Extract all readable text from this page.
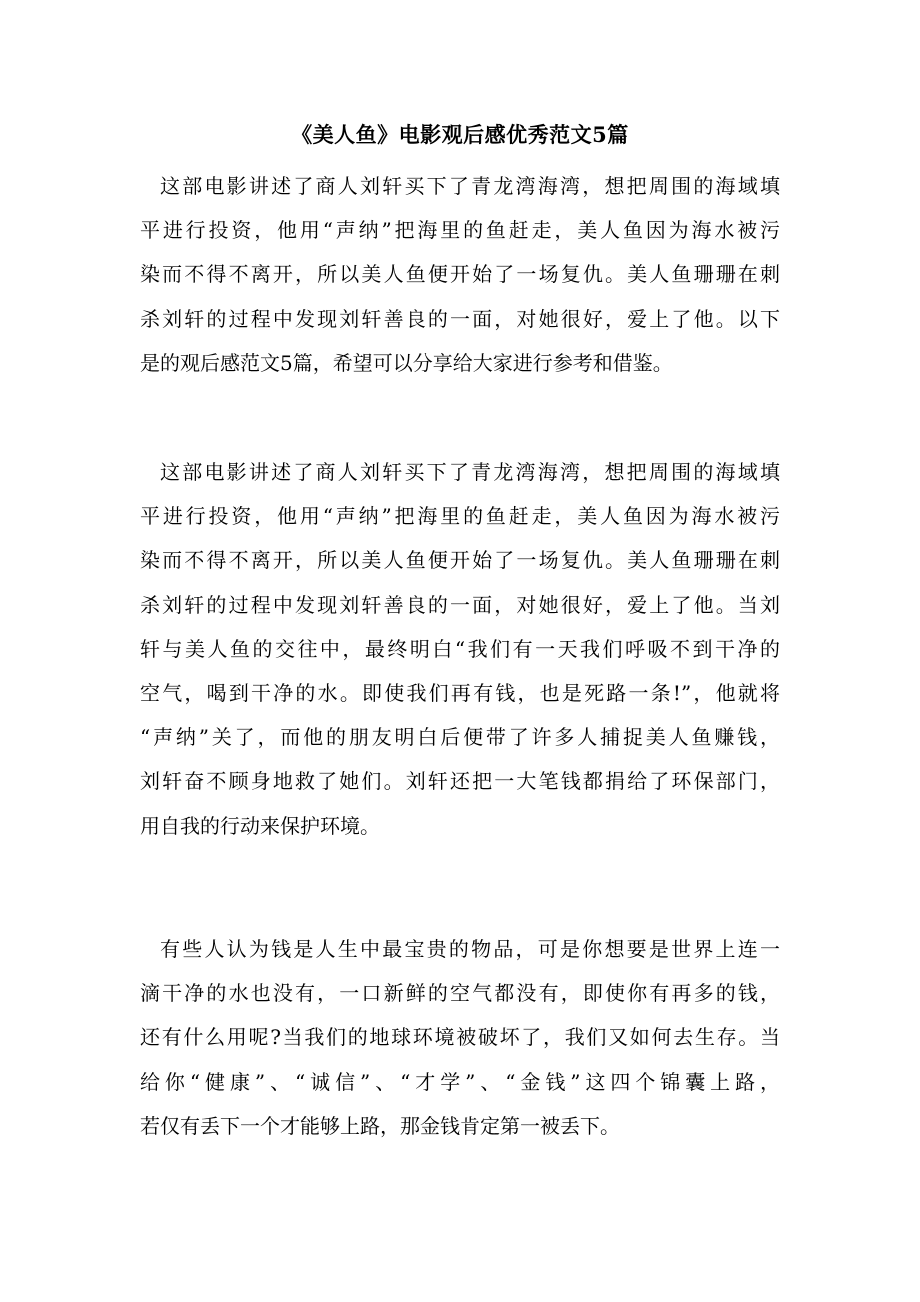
《美人鱼》电影观后感优秀范文5篇
这部电影讲述了商人刘轩买下了青龙湾海湾，想把周围的海域填
平进行投资，他用“声纳”把海里的鱼赶走，美人鱼因为海水被污
染而不得不离开，所以美人鱼便开始了一场复仇。美人鱼珊珊在刺
杀刘轩的过程中发现刘轩善良的一面，对她很好，爱上了他。以下
是的观后感范文5篇，希望可以分享给大家进行参考和借鉴。
这部电影讲述了商人刘轩买下了青龙湾海湾，想把周围的海域填
平进行投资，他用“声纳”把海里的鱼赶走，美人鱼因为海水被污
染而不得不离开，所以美人鱼便开始了一场复仇。美人鱼珊珊在刺
杀刘轩的过程中发现刘轩善良的一面，对她很好，爱上了他。当刘
轩与美人鱼的交往中，最终明白“我们有一天我们呼吸不到干净的
空气，喝到干净的水。即使我们再有钱，也是死路一条!”，他就将
“声纳”关了，而他的朋友明白后便带了许多人捕捉美人鱼赚钱，
刘轩奋不顾身地救了她们。刘轩还把一大笔钱都捐给了环保部门，
用自我的行动来保护环境。
有些人认为钱是人生中最宝贵的物品，可是你想要是世界上连一
滴干净的水也没有，一口新鲜的空气都没有，即使你有再多的钱，
还有什么用呢?当我们的地球环境被破坏了，我们又如何去生存。当
给你“健康”、“诚信”、“才学”、“金钱”这四个锦囊上路，
若仅有丢下一个才能够上路，那金钱肯定第一被丢下。
